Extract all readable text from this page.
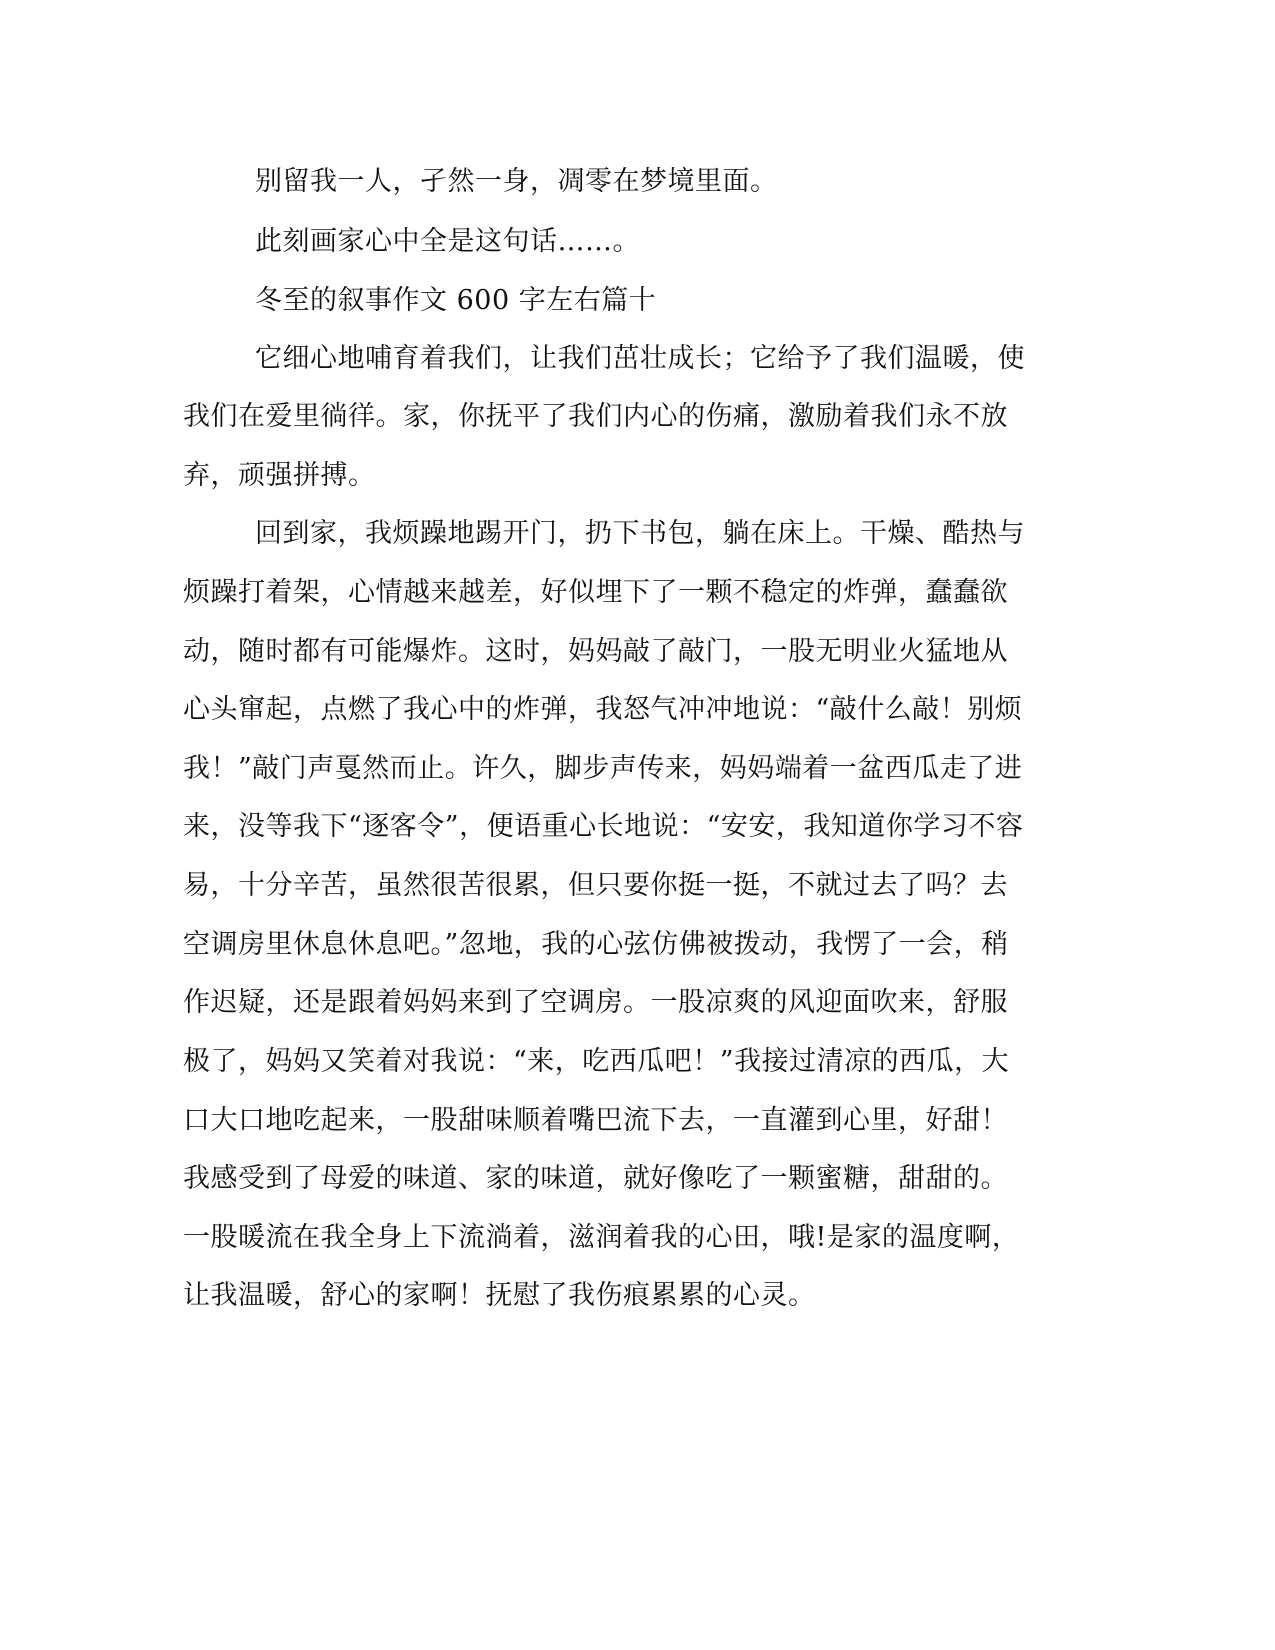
别留我一人，孑然一身，凋零在梦境里面。
此刻画家心中全是这句话……。
冬至的叙事作文 600 字左右篇十
它细心地哺育着我们，让我们茁壮成长；它给予了我们温暖，使
我们在爱里徜徉。家，你抚平了我们内心的伤痛，激励着我们永不放
弃，顽强拼搏。
回到家，我烦躁地踢开门，扔下书包，躺在床上。干燥、酷热与
烦躁打着架，心情越来越差，好似埋下了一颗不稳定的炸弹，蠢蠢欲
动，随时都有可能爆炸。这时，妈妈敲了敲门，一股无明业火猛地从
心头窜起，点燃了我心中的炸弹，我怒气冲冲地说：“敲什么敲！别烦
我！”敲门声戛然而止。许久，脚步声传来，妈妈端着一盆西瓜走了进
来，没等我下“逐客令”，便语重心长地说：“安安，我知道你学习不容
易，十分辛苦，虽然很苦很累，但只要你挺一挺，不就过去了吗？去
空调房里休息休息吧。”忽地，我的心弦仿佛被拨动，我愣了一会，稍
作迟疑，还是跟着妈妈来到了空调房。一股凉爽的风迎面吹来，舒服
极了，妈妈又笑着对我说：“来，吃西瓜吧！”我接过清凉的西瓜，大
口大口地吃起来，一股甜味顺着嘴巴流下去，一直灌到心里，好甜！
我感受到了母爱的味道、家的味道，就好像吃了一颗蜜糖，甜甜的。
一股暖流在我全身上下流淌着，滋润着我的心田，哦!是家的温度啊，
让我温暖，舒心的家啊！抚慰了我伤痕累累的心灵。
